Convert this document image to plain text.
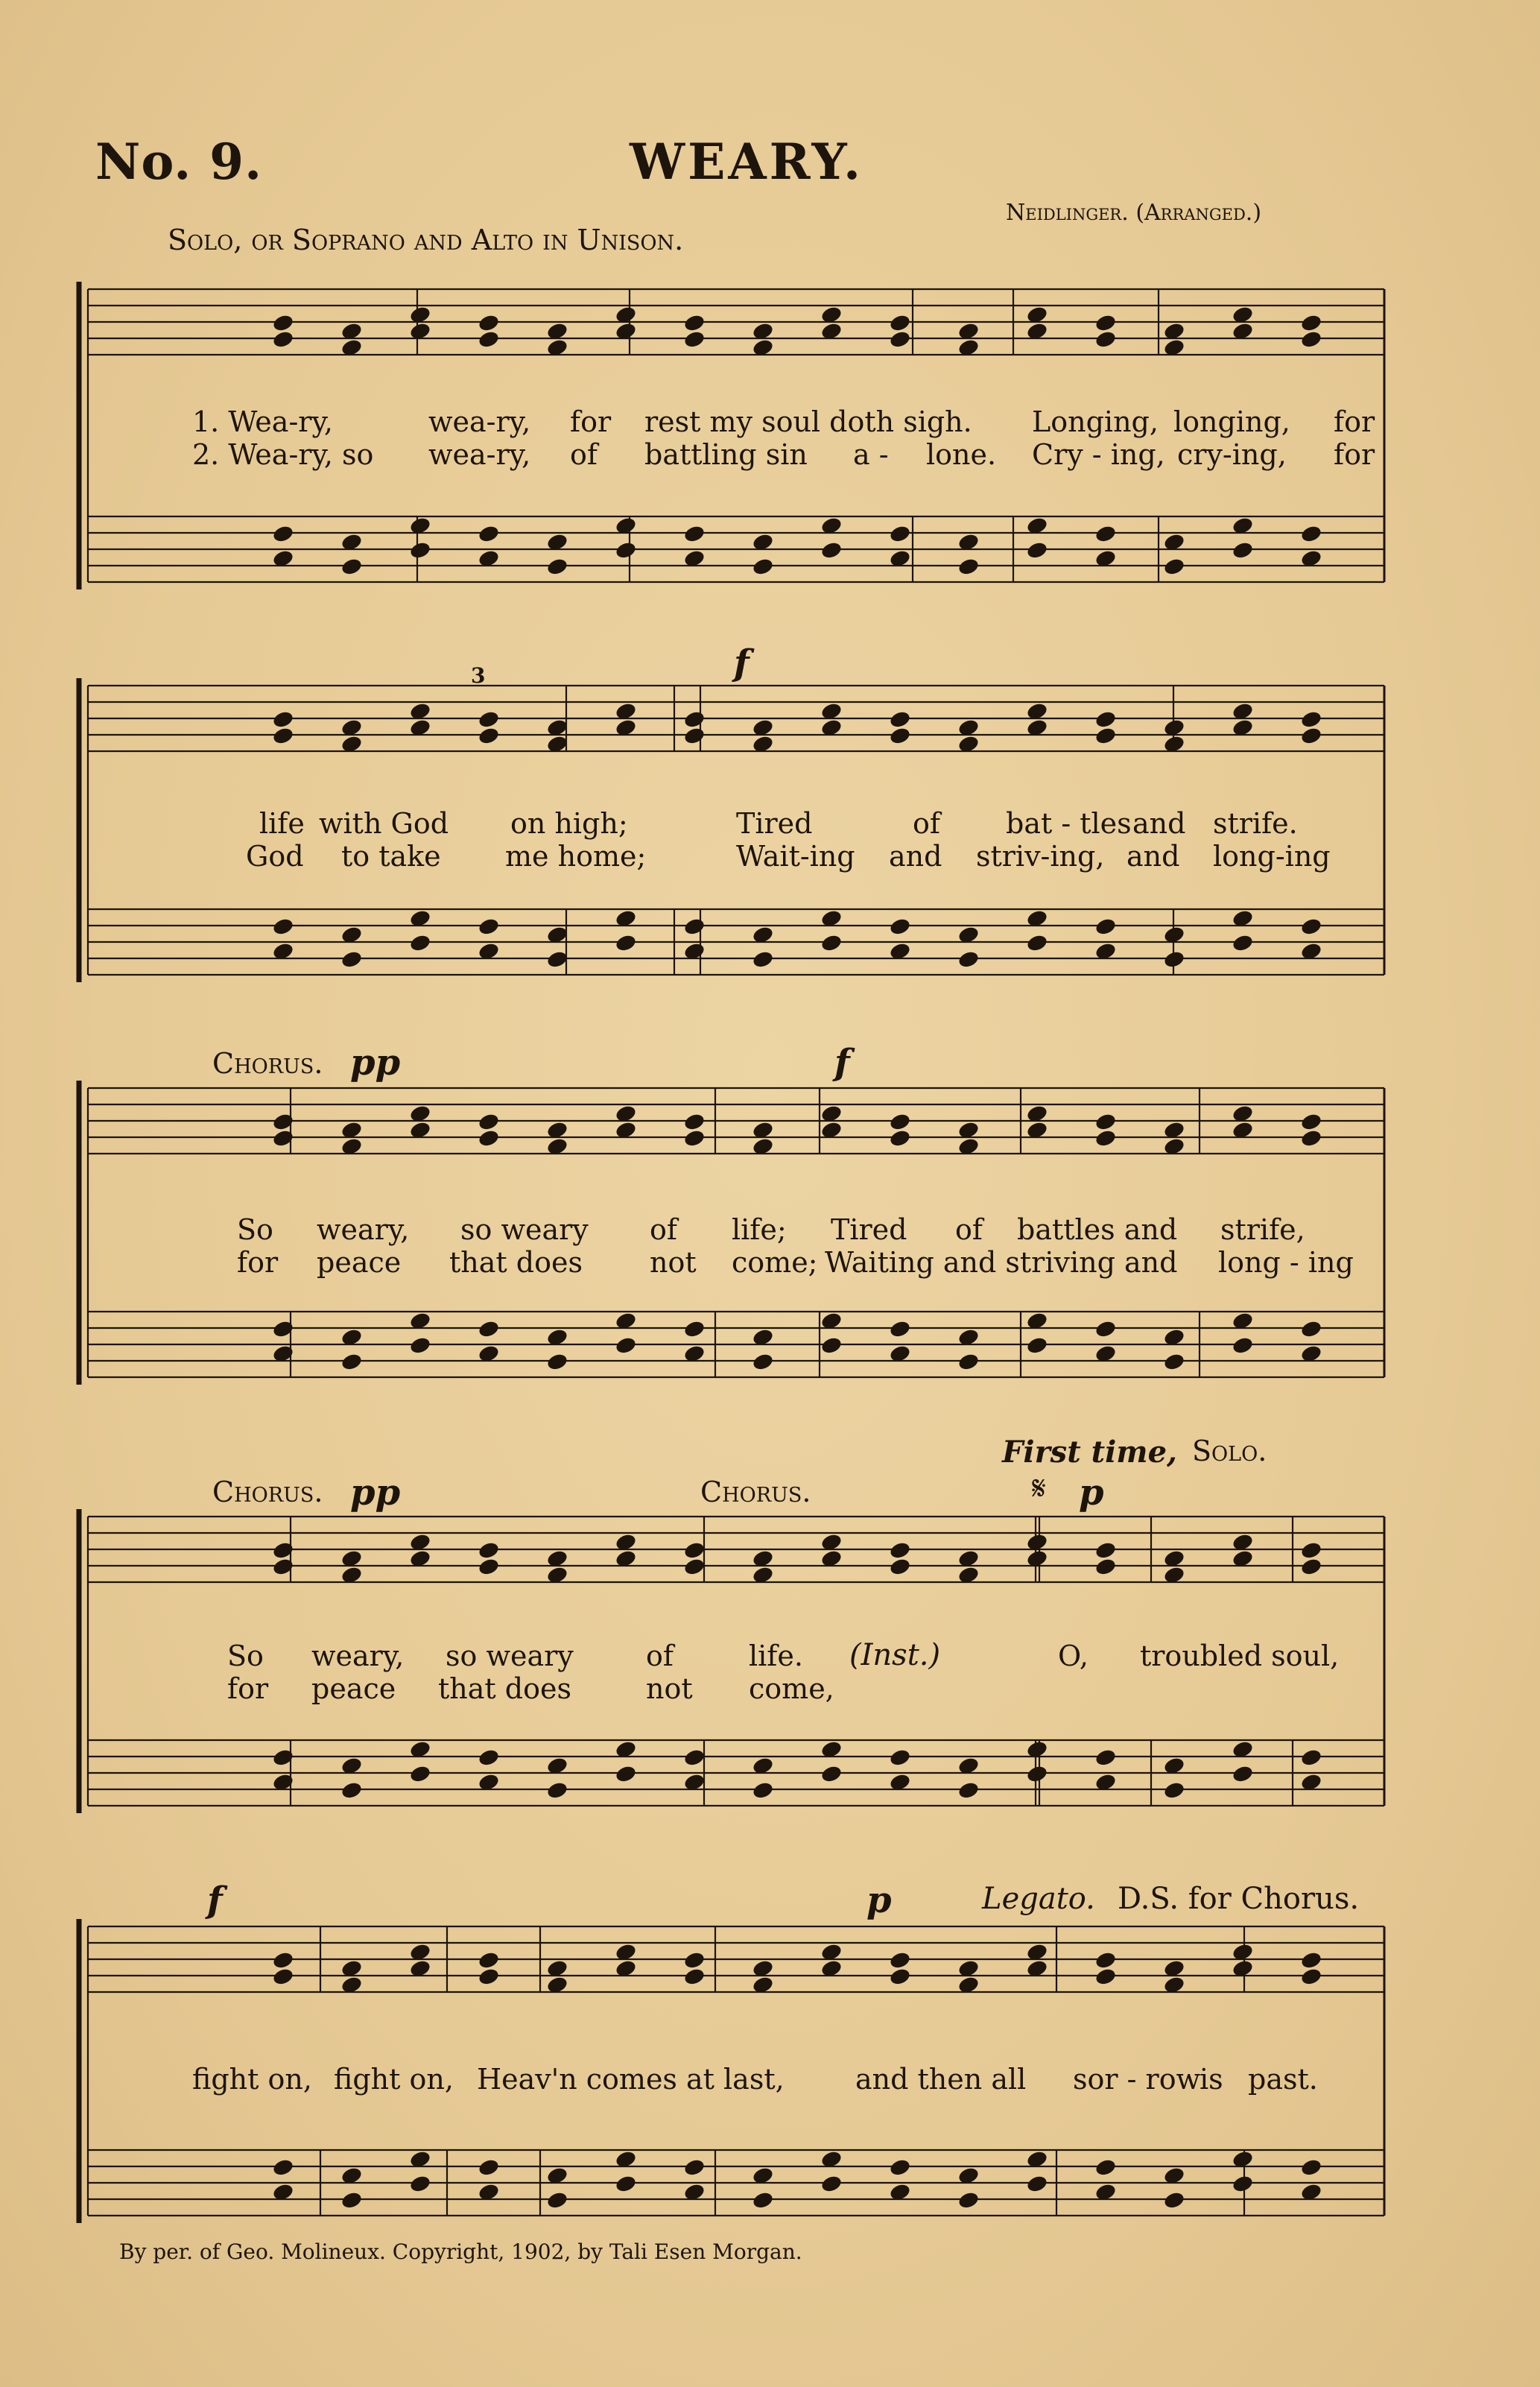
No. 9.	WEARY.
Neidlinger. (Arranged.)
Solo, or Soprano and Alto in Unison.
1. Wea-ry,	wea-ry, for rest my soul doth sigh. Longing, longing, for
2. Wea-ry, so wea-ry, of battling sin a - lone. Cry - ing, cry-ing, for
f
3
life with God on high;	Tired	of bat - tles and strife.
God to take me home;	Wait-ing and striv-ing, and long-ing
Chorus. pp	f
So weary, so weary of life; Tired of battles and strife,
for peace that does not come; Waiting and striving and long - ing
First time, Solo.
Chorus. pp	Chorus.	𝄋 p
So weary, so weary	of	life. (Inst.)	O, troubled soul,
for peace that does	not come,
f	p	Legato. D.S. for Chorus.
fight on, fight on, Heav'n comes at last,	and then all sor - row
is past.
By per. of Geo. Molineux. Copyright, 1902, by Tali Esen Morgan.
